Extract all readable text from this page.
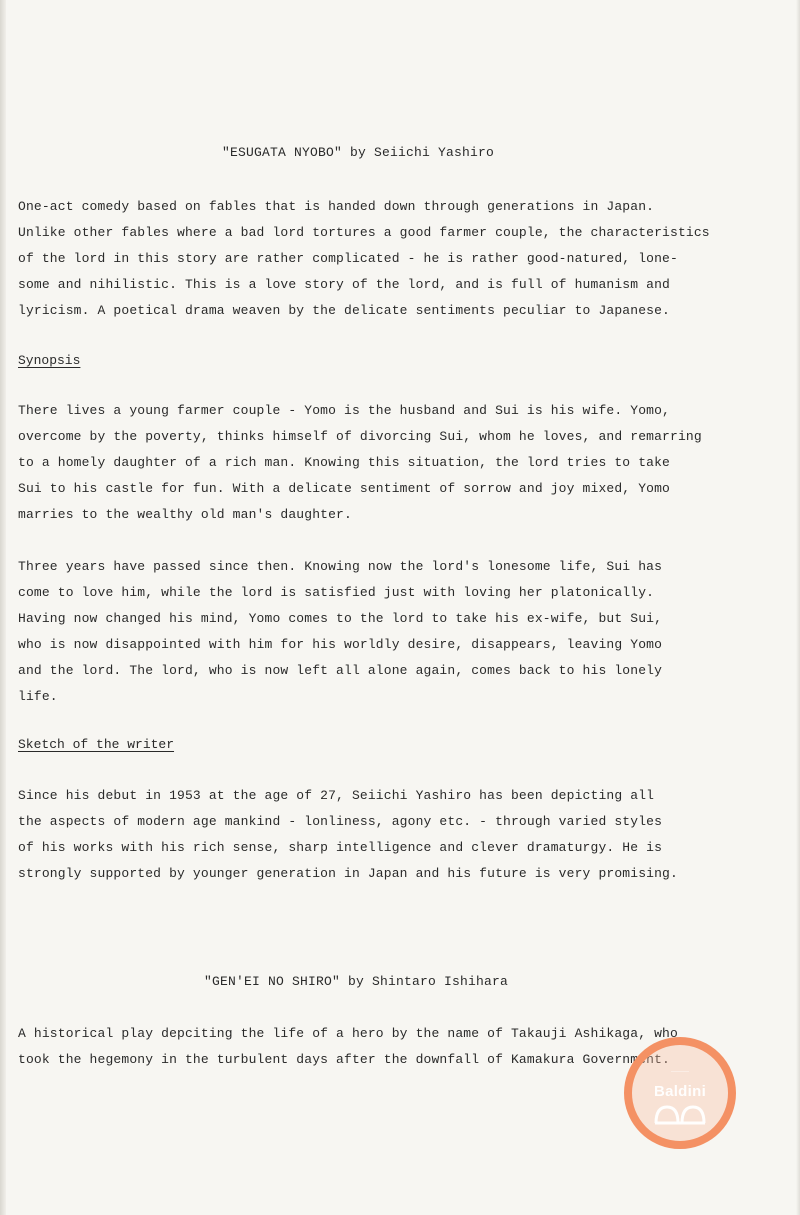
"ESUGATA NYOBO" by Seiichi Yashiro
One-act comedy based on fables that is handed down through generations in Japan.
Unlike other fables where a bad lord tortures a good farmer couple, the characteristics
of the lord in this story are rather complicated - he is rather good-natured, lone-
some and nihilistic. This is a love story of the lord, and is full of humanism and
lyricism. A poetical drama weaven by the delicate sentiments peculiar to Japanese.
Synopsis
There lives a young farmer couple - Yomo is the husband and Sui is his wife. Yomo,
overcome by the poverty, thinks himself of divorcing Sui, whom he loves, and remarring
to a homely daughter of a rich man. Knowing this situation, the lord tries to take
Sui to his castle for fun. With a delicate sentiment of sorrow and joy mixed, Yomo
marries to the wealthy old man's daughter.
Three years have passed since then. Knowing now the lord's lonesome life, Sui has
come to love him, while the lord is satisfied just with loving her platonically.
Having now changed his mind, Yomo comes to the lord to take his ex-wife, but Sui,
who is now disappointed with him for his worldly desire, disappears, leaving Yomo
and the lord. The lord, who is now left all alone again, comes back to his lonely
life.
Sketch of the writer
Since his debut in 1953 at the age of 27, Seiichi Yashiro has been depicting all
the aspects of modern age mankind - lonliness, agony etc. - through varied styles
of his works with his rich sense, sharp intelligence and clever dramaturgy. He is
strongly supported by younger generation in Japan and his future is very promising.
"GEN'EI NO SHIRO" by Shintaro Ishihara
A historical play depciting the life of a hero by the name of Takauji Ashikaga, who
took the hegemony in the turbulent days after the downfall of Kamakura Government.
———
Baldini
